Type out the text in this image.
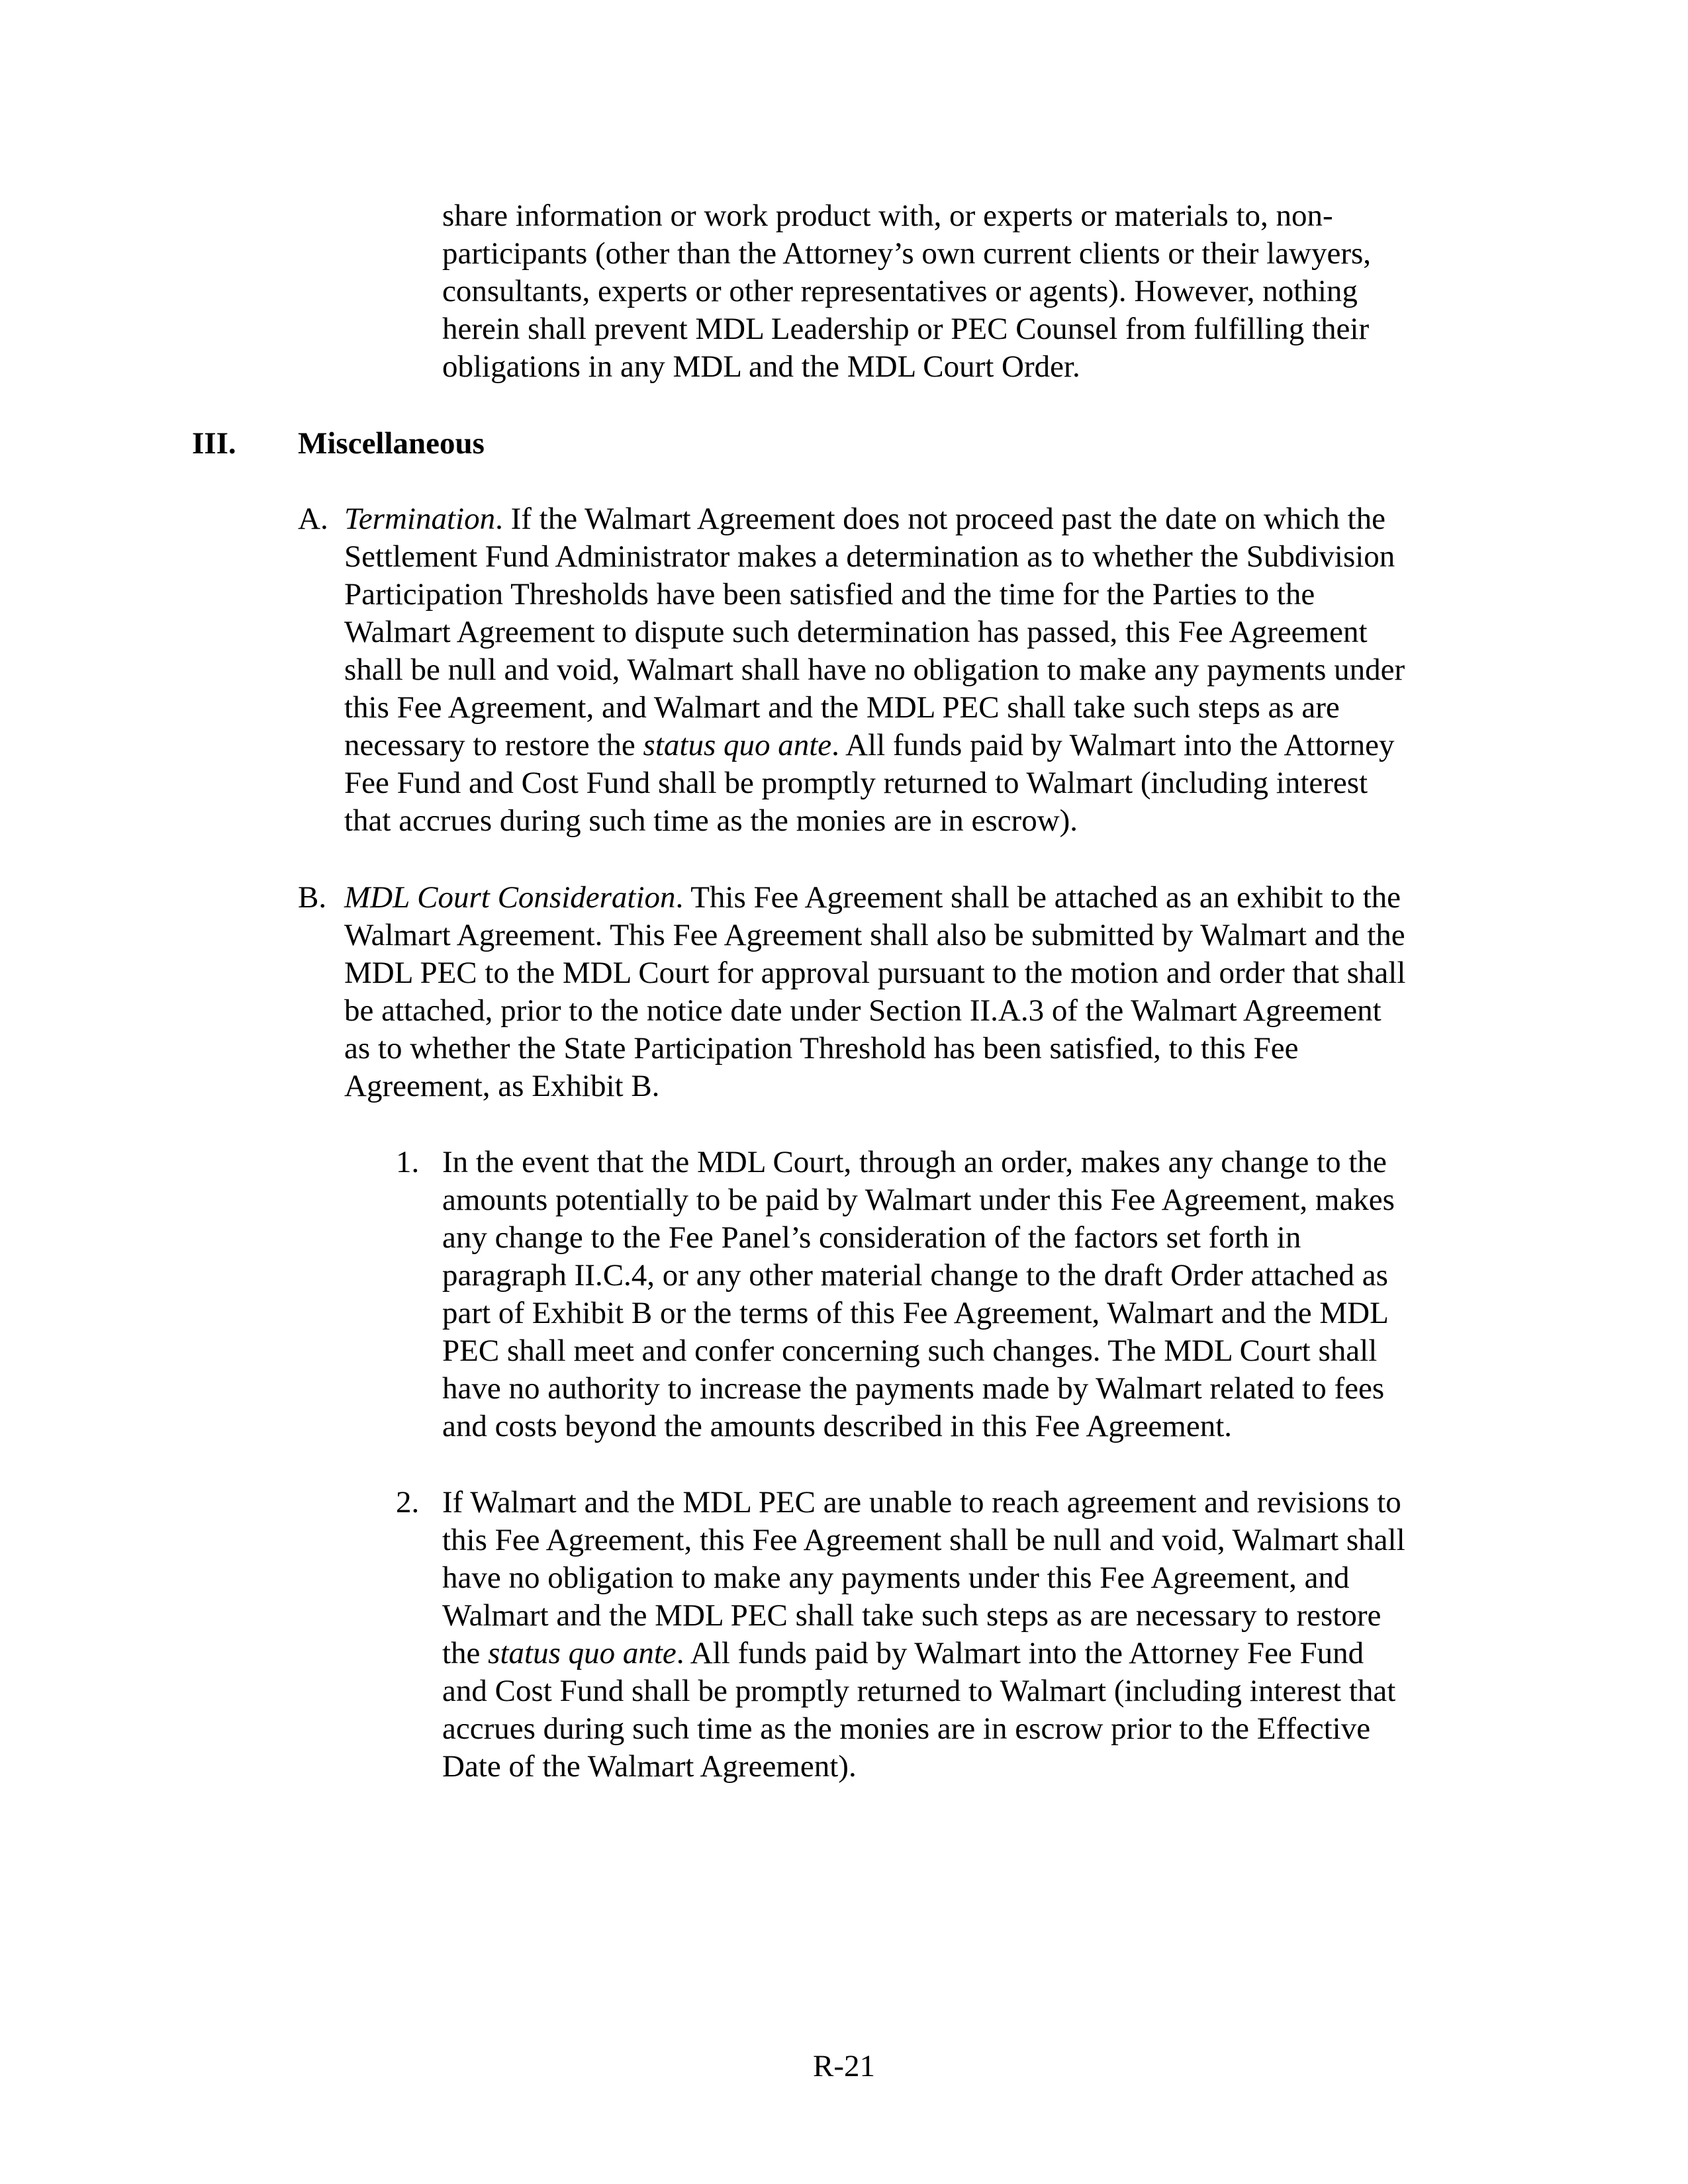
share information or work product with, or experts or materials to, non-
participants (other than the Attorney’s own current clients or their lawyers,
consultants, experts or other representatives or agents). However, nothing
herein shall prevent MDL Leadership or PEC Counsel from fulfilling their
obligations in any MDL and the MDL Court Order.
III. Miscellaneous
A. Termination. If the Walmart Agreement does not proceed past the date on which the
Settlement Fund Administrator makes a determination as to whether the Subdivision
Participation Thresholds have been satisfied and the time for the Parties to the
Walmart Agreement to dispute such determination has passed, this Fee Agreement
shall be null and void, Walmart shall have no obligation to make any payments under
this Fee Agreement, and Walmart and the MDL PEC shall take such steps as are
necessary to restore the status quo ante. All funds paid by Walmart into the Attorney
Fee Fund and Cost Fund shall be promptly returned to Walmart (including interest
that accrues during such time as the monies are in escrow).
B. MDL Court Consideration. This Fee Agreement shall be attached as an exhibit to the
Walmart Agreement. This Fee Agreement shall also be submitted by Walmart and the
MDL PEC to the MDL Court for approval pursuant to the motion and order that shall
be attached, prior to the notice date under Section II.A.3 of the Walmart Agreement
as to whether the State Participation Threshold has been satisfied, to this Fee
Agreement, as Exhibit B.
1. In the event that the MDL Court, through an order, makes any change to the
amounts potentially to be paid by Walmart under this Fee Agreement, makes
any change to the Fee Panel’s consideration of the factors set forth in
paragraph II.C.4, or any other material change to the draft Order attached as
part of Exhibit B or the terms of this Fee Agreement, Walmart and the MDL
PEC shall meet and confer concerning such changes. The MDL Court shall
have no authority to increase the payments made by Walmart related to fees
and costs beyond the amounts described in this Fee Agreement.
2. If Walmart and the MDL PEC are unable to reach agreement and revisions to
this Fee Agreement, this Fee Agreement shall be null and void, Walmart shall
have no obligation to make any payments under this Fee Agreement, and
Walmart and the MDL PEC shall take such steps as are necessary to restore
the status quo ante. All funds paid by Walmart into the Attorney Fee Fund
and Cost Fund shall be promptly returned to Walmart (including interest that
accrues during such time as the monies are in escrow prior to the Effective
Date of the Walmart Agreement).
R-21
